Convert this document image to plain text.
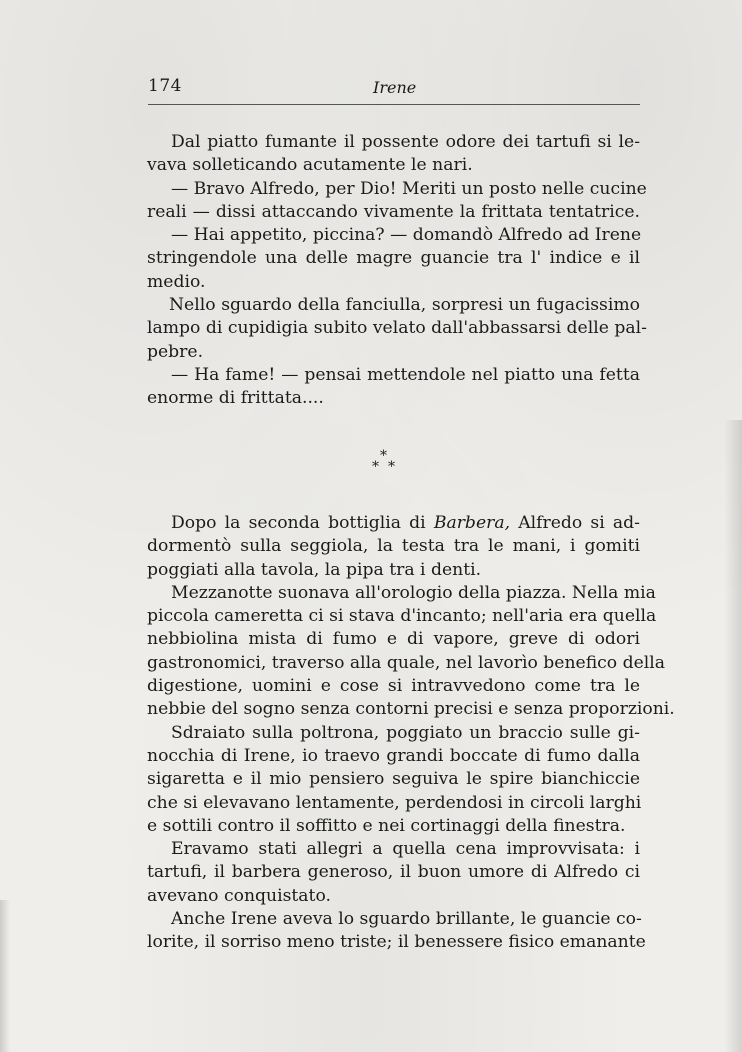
174	Irene
Dal piatto fumante il possente odore dei tartufi si le-
vava solleticando acutamente le nari.
— Bravo Alfredo, per Dio! Meriti un posto nelle cucine
reali — dissi attaccando vivamente la frittata tentatrice.
— Hai appetito, piccina? — domandò Alfredo ad Irene
stringendole una delle magre guancie tra l' indice e il
medio.
Nello sguardo della fanciulla, sorpresi un fugacissimo
lampo di cupidigia subito velato dall'abbassarsi delle pal-
pebre.
— Ha fame! — pensai mettendole nel piatto una fetta
enorme di frittata....
*
* *
Dopo la seconda bottiglia di Barbera, Alfredo si ad-
dormentò sulla seggiola, la testa tra le mani, i gomiti
poggiati alla tavola, la pipa tra i denti.
Mezzanotte suonava all'orologio della piazza. Nella mia
piccola cameretta ci si stava d'incanto; nell'aria era quella
nebbiolina mista di fumo e di vapore, greve di odori
gastronomici, traverso alla quale, nel lavorìo benefico della
digestione, uomini e cose si intravvedono come tra le
nebbie del sogno senza contorni precisi e senza proporzioni.
Sdraiato sulla poltrona, poggiato un braccio sulle gi-
nocchia di Irene, io traevo grandi boccate di fumo dalla
sigaretta e il mio pensiero seguiva le spire bianchiccie
che si elevavano lentamente, perdendosi in circoli larghi
e sottili contro il soffitto e nei cortinaggi della finestra.
Eravamo stati allegri a quella cena improvvisata: i
tartufi, il barbera generoso, il buon umore di Alfredo ci
avevano conquistato.
Anche Irene aveva lo sguardo brillante, le guancie co-
lorite, il sorriso meno triste; il benessere fisico emanante
